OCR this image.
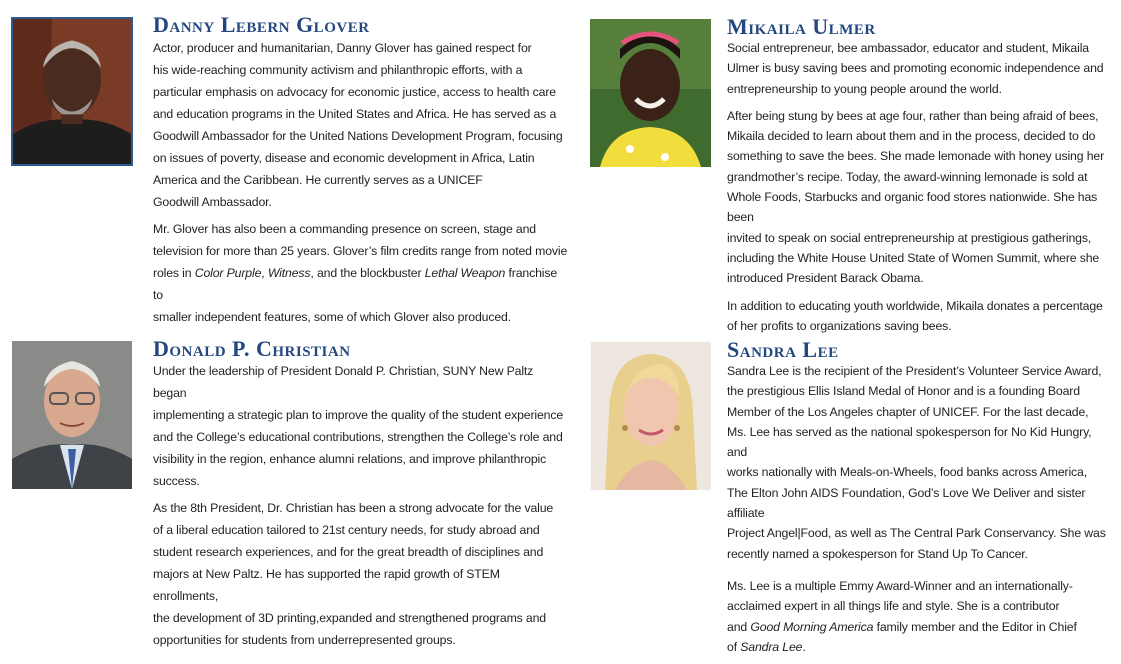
Danny Lebern Glover

Actor, producer and humanitarian, Danny Glover has gained respect for
his wide-reaching community activism and philanthropic efforts, with a
particular emphasis on advocacy for economic justice, access to health care
and education programs in the United States and Africa. He has served as a
Goodwill Ambassador for the United Nations Development Program, focusing
on issues of poverty, disease and economic development in Africa, Latin
America and the Caribbean. He currently serves as a UNICEF
Goodwill Ambassador.

Mr. Glover has also been a commanding presence on screen, stage and
television for more than 25 years. Glover’s film credits range from noted movie
roles in Color Purple, Witness, and the blockbuster Lethal Weapon franchise to
smaller independent features, some of which Glover also produced.

Mikaila Ulmer

Social entrepreneur, bee ambassador, educator and student, Mikaila
Ulmer is busy saving bees and promoting economic independence and
entrepreneurship to young people around the world.

After being stung by bees at age four, rather than being afraid of bees,
Mikaila decided to learn about them and in the process, decided to do
something to save the bees. She made lemonade with honey using her
grandmother’s recipe. Today, the award-winning lemonade is sold at
Whole Foods, Starbucks and organic food stores nationwide. She has been
invited to speak on social entrepreneurship at prestigious gatherings,
including the White House United State of Women Summit, where she
introduced President Barack Obama.

In addition to educating youth worldwide, Mikaila donates a percentage
of her profits to organizations saving bees.

Donald P. Christian

Under the leadership of President Donald P. Christian, SUNY New Paltz began
implementing a strategic plan to improve the quality of the student experience
and the College’s educational contributions, strengthen the College’s role and
visibility in the region, enhance alumni relations, and improve philanthropic
success.

As the 8th President, Dr. Christian has been a strong advocate for the value
of a liberal education tailored to 21st century needs, for study abroad and
student research experiences, and for the great breadth of disciplines and
majors at New Paltz. He has supported the rapid growth of STEM enrollments,
the development of 3D printing,expanded and strengthened programs and
opportunities for students from underrepresented groups.

Sandra Lee

Sandra Lee is the recipient of the President’s Volunteer Service Award,
the prestigious Ellis Island Medal of Honor and is a founding Board
Member of the Los Angeles chapter of UNICEF. For the last decade,
Ms. Lee has served as the national spokesperson for No Kid Hungry, and
works nationally with Meals-on-Wheels, food banks across America,
The Elton John AIDS Foundation, God’s Love We Deliver and sister affiliate
Project Angel|Food, as well as The Central Park Conservancy. She was
recently named a spokesperson for Stand Up To Cancer.

Ms. Lee is a multiple Emmy Award-Winner and an internationally-
acclaimed expert in all things life and style. She is a contributor
and Good Morning America family member and the Editor in Chief
of Sandra Lee.
